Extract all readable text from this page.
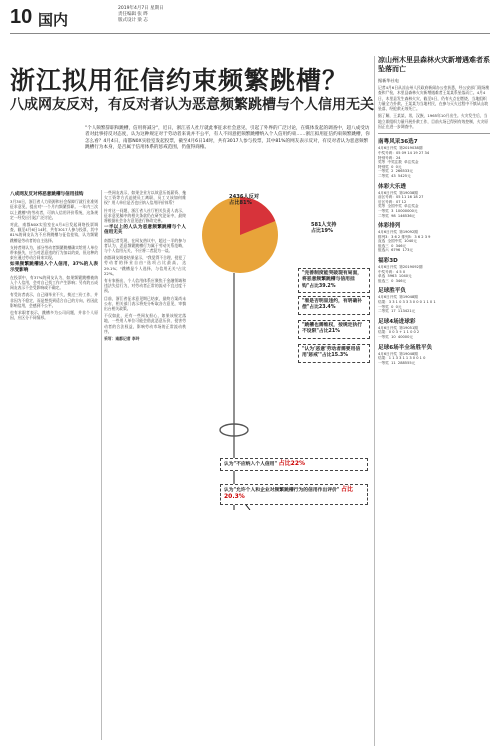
10 国内
2019年4月7日 星期日
责任编辑 张 晔
版式设计 梁 志
浙江拟用征信约束频繁跳槽？
八成网友反对，有反对者认为恶意频繁跳槽与个人信用无关
"个人频繁辞职和跳槽，信用将减分"，近日，浙江省人社厅就此事征求社会意见，引起了外界的广泛讨论，在媒体发起的调查中，超八成受访者对此事持反对态度，认为这种规定对于劳动者来说并不公平，有人不同意把频繁跳槽纳入个人信用约束……浙江拟用征信约束频繁跳槽，你怎么看？4月4日，南都N0X实验室发起投票，截至4月6日14时，共有3017人参与投票，其中81%的网友表示反对，有反对者认为恶意频繁跳槽行为本身，是否属于信用体系的惩戒范围，仍值得商榷。
八成网友反对将恶意跳槽与信用挂钩

3月30日，浙江省人力资源和社会保障厅就行业准则征求意见，提出对"一个月内频繁辞职、一年内三次以上跳槽"的劳动者，可纳入信用评价系统，这条规定一经发出引起广泛讨论。

对此，南都N0X实验室在4月4日发起网络投票调查，截至4月6日14时，共有3017人参与投票，其中81%的网友认为不应将跳槽与征信挂钩，认为频繁跳槽是劳动者的自主选择。

支持者则认为，部分劳动者频繁跳槽确实给用人单位带来损失，应当对恶意违约行为加以约束，但这种约束应通过劳动合同来实现。

如果频繁跳槽进入个人信用，37%的人表示受影响

在投票中，有37%的网友认为，如果频繁跳槽被纳入个人信用，会对自己找工作产生影响；另有约五成网友表示不会受影响或不确定。

有受访者表示，自己刚毕业不久，换过三份工作，并非因为不稳定，而是想找到适合自己的方向，若因此影响信用，会感到不公平。

也有求职者表示，跳槽多为公司问题，并非个人原因，应区分不同情形。

一些网友表示，如果企业方以故意压低薪资、拖欠工资等方式迫使员工离职，员工又该如何维权？用人单位是否也应纳入信用评价体系？

针对这一问题，浙江省人社厅相关负责人表示，征求意见稿中的相关条款仍在研究论证中，最终将根据社会各方意见进行修改完善。

一半以上的人认为恶意频繁跳槽与个人信用无关

南都记者发现，在网友热议中，超过一半的参与者认为，恶意频繁跳槽行为属于劳动关系范畴，与个人信用无关，不应将二者混为一谈。

南都网友调查结果显示，"我觉得不合理，侵犯了劳动者的择业自由"选项占比最高，达29.1%；"跳槽是个人选择，与信用无关"占比22%。

有专家指出，个人信用体系应聚焦于金融领域和违法失信行为，对劳动者正常的流动不宜过度干预。

目前，浙江省征求意见期已结束，最终方案尚未公布，相关部门表示将充分听取各方意见，审慎出台相关政策。

不仅如此，还有一些网友担心，如果该规定落地，一些用人单位可能会借此恶意压价，侵害劳动者的合法权益，影响劳动市场的正常流动秩序。

采写：南都记者 李玲

2436人反对
占比81%
581人支持
占比19%
"完善制度能突破现有局面，将恶意频繁跳槽与信用挂钩"占比39.2%
"看是否明显违约，有明确补偿"占比23.4%
"跳槽也需维权，按规定执行不设限"占比21%
"认为'恶意'劳动者需要用信用'惩戒'"占比15.3%
认为"不应纳入个人信用" 占比22%
认为"允许个人和企业对频繁跳槽行为的信用作出评价" 占比20.3%
凉山州木里县森林火灾新增遇难者系坠落而亡
据新华社电
记者4月6日从凉山州人民政府新闻办公室获悉，经公安部门现场勘查和尸检，木里县森林火灾新增遇难者王某某系坠落而亡。4月4日，木里县发生森林火灾，截至5日，仍有火点在燃烧，当地组织力量全力扑救。王某某为当地村民，在参与灭火过程中不慎从山坡坠落，经抢救无效死亡。
据了解，王某某，男，汉族，1965年10月出生。火灾发生后，当地立即组织力量开展扑救工作，目前火场已得到有效控制，火灾原因正在进一步调查中。
南粤风采36选7
4月6日开奖  第2019038期
中奖号码：05 09 14 19 27 34
特别号码：24
奖等  中奖注数  单注奖金
特别奖  0  0元
一等奖  2  266533元
二等奖  43  5425元
体彩大乐透
4月6日开奖  第19038期
前区号码：05 11 16 18 27
后区号码：07 12
奖等  全国中奖  单注奖金
一等奖  3  10000000元
二等奖  98  146536元
体彩排列
4月6日开奖  第19092期
排列3：3 6 2 排列5：3 6 2 3 9
直选  全国中奖  1040元
组选三  0  346元
组选六  6796  173元
福彩3D
4月6日开奖  第2019092期
中奖号码：4 5 0
单选  5963  1040元
组选三  0  346元
足球胜平负
4月6日开奖  第19048期
结果：3 3 1 0 3 3 3 0 0 0 1 1 0 1
一等奖  0  0元
二等奖  17  113421元
足球4场进球彩
4月6日开奖  第19051期
结果：0 0 3 + 1 1 0 0 2
一等奖  10  40000元
足球6场半全场胜平负
4月6日开奖  第19048期
结果：1 1 3 3 1 1 3 0 0 1 0
一等奖  11  288555元
